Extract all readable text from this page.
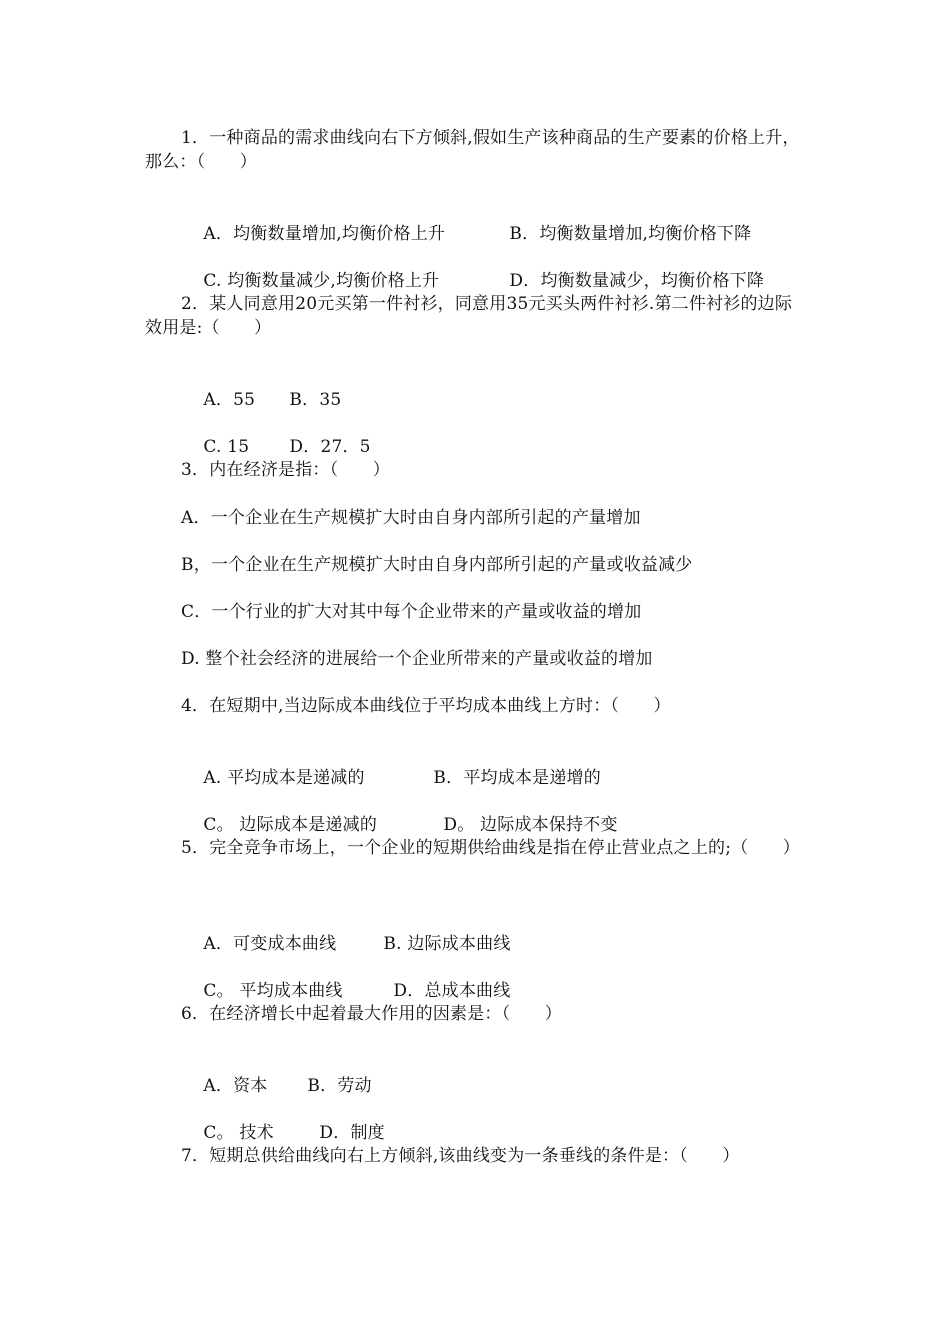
1．一种商品的需求曲线向右下方倾斜,假如生产该种商品的生产要素的价格上升，那么：（　　）

A．均衡数量增加,均衡价格上升	B．均衡数量增加,均衡价格下降

C. 均衡数量减少,均衡价格上升	D．均衡数量减少，均衡价格下降

2．某人同意用20元买第一件衬衫，同意用35元买头两件衬衫.第二件衬衫的边际效用是:（　　）

A．55 B．35

C. 15 D．27．5

3．内在经济是指：（　　）
A．一个企业在生产规模扩大时由自身内部所引起的产量增加
B，一个企业在生产规模扩大时由自身内部所引起的产量或收益减少
C．一个行业的扩大对其中每个企业带来的产量或收益的增加
D. 整个社会经济的进展给一个企业所带来的产量或收益的增加
4．在短期中,当边际成本曲线位于平均成本曲线上方时：（　　）

A. 平均成本是递减的	B．平均成本是递增的

C。 边际成本是递减的	D。 边际成本保持不变

5．完全竞争市场上，一个企业的短期供给曲线是指在停止营业点之上的;（　　）

A．可变成本曲线	B. 边际成本曲线

C。 平均成本曲线	D．总成本曲线

6．在经济增长中起着最大作用的因素是：（　　）

A．资本 B．劳动

C。 技术	D．制度

7．短期总供给曲线向右上方倾斜,该曲线变为一条垂线的条件是：（　　）
